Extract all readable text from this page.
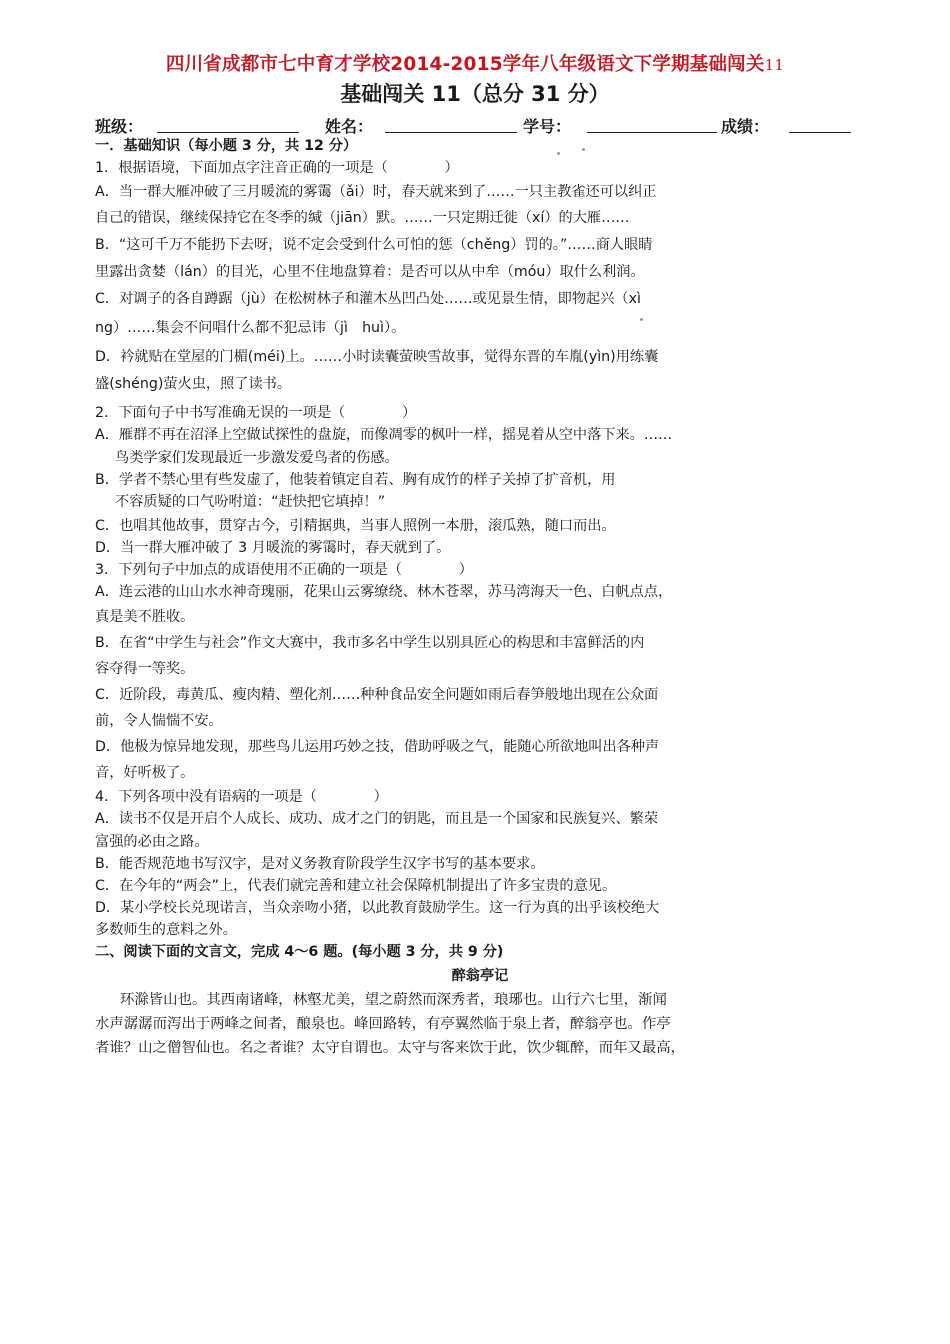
四川省成都市七中育才学校2014-2015学年八年级语文下学期基础闯关11
基础闯关 11（总分 31 分）
班级：	姓名：	学号：	成绩：
一．基础知识（每小题 3 分，共 12 分）
1．根据语境，下面加点字注音正确的一项是（　　　　）
A．当一群大雁冲破了三月暖流的雾霭（ǎi）时，春天就来到了……一只主教雀还可以纠正
自己的错误，继续保持它在冬季的缄（jiān）默。……一只定期迁徙（xí）的大雁……
B．“这可千万不能扔下去呀，说不定会受到什么可怕的惩（chěng）罚的。”……商人眼睛
里露出贪婪（lán）的目光，心里不住地盘算着：是否可以从中牟（móu）取什么利润。
C．对调子的各自蹲踞（jù）在松树林子和灌木丛凹凸处……或见景生情，即物起兴（xì
ng）……集会不问唱什么都不犯忌讳（jì　huì）。
D．衿就贴在堂屋的门楣(méi)上。……小时读囊萤映雪故事，觉得东晋的车胤(yìn)用练囊
盛(shéng)萤火虫，照了读书。
2．下面句子中书写准确无误的一项是（　　　　）
A．雁群不再在沼泽上空做试探性的盘旋，而像凋零的枫叶一样，摇晃着从空中落下来。……
鸟类学家们发现最近一步激发爱鸟者的伤感。
B．学者不禁心里有些发虚了，他装着镇定自若、胸有成竹的样子关掉了扩音机，用
不容质疑的口气吩咐道：“赶快把它填掉！”
C．也唱其他故事，贯穿古今，引精据典，当事人照例一本册，滚瓜熟，随口而出。
D．当一群大雁冲破了 3 月暖流的雾霭时，春天就到了。
3．下列句子中加点的成语使用不正确的一项是（　　　　）
A．连云港的山山水水神奇瑰丽，花果山云雾缭绕、林木苍翠，苏马湾海天一色、白帆点点，
真是美不胜收。
B．在省“中学生与社会”作文大赛中，我市多名中学生以别具匠心的构思和丰富鲜活的内
容夺得一等奖。
C．近阶段，毒黄瓜、瘦肉精、塑化剂……种种食品安全问题如雨后春笋般地出现在公众面
前，令人惴惴不安。
D．他极为惊异地发现，那些鸟儿运用巧妙之技，借助呼吸之气，能随心所欲地叫出各种声
音，好听极了。
4．下列各项中没有语病的一项是（　　　　）
A．读书不仅是开启个人成长、成功、成才之门的钥匙，而且是一个国家和民族复兴、繁荣
富强的必由之路。
B．能否规范地书写汉字，是对义务教育阶段学生汉字书写的基本要求。
C．在今年的“两会”上，代表们就完善和建立社会保障机制提出了许多宝贵的意见。
D．某小学校长兑现诺言，当众亲吻小猪，以此教育鼓励学生。这一行为真的出乎该校绝大
多数师生的意料之外。
二、阅读下面的文言文，完成 4～6 题。(每小题 3 分，共 9 分)
醉翁亭记
环滁皆山也。其西南诸峰，林壑尤美，望之蔚然而深秀者，琅琊也。山行六七里，渐闻
水声潺潺而泻出于两峰之间者，酿泉也。峰回路转，有亭翼然临于泉上者，醉翁亭也。作亭
者谁？山之僧智仙也。名之者谁？太守自谓也。太守与客来饮于此，饮少辄醉，而年又最高，
